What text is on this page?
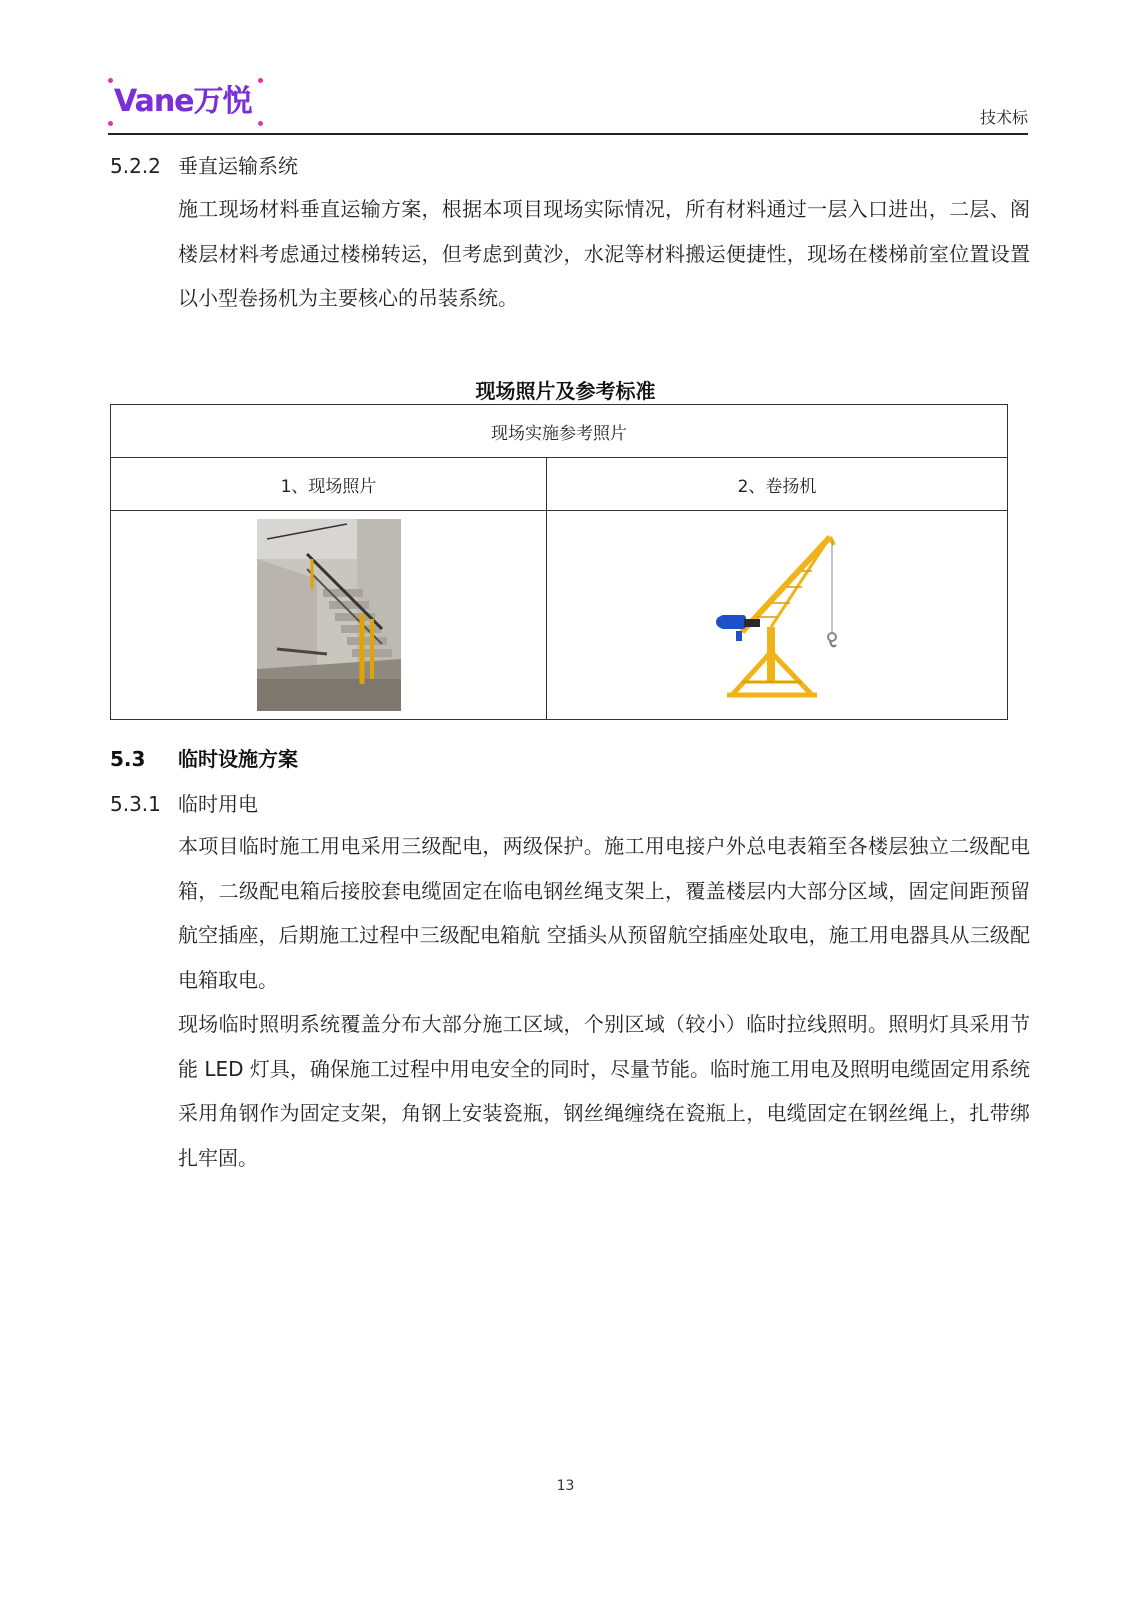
Vane万悦	技术标
5.2.2 垂直运输系统

施工现场材料垂直运输方案，根据本项目现场实际情况，所有材料通过一层入口进出，二层、阁楼层材料考虑通过楼梯转运，但考虑到黄沙，水泥等材料搬运便捷性，现场在楼梯前室位置设置以小型卷扬机为主要核心的吊装系统。

现场照片及参考标准
现场实施参考照片	
1、现场照片	2、卷扬机

5.3 临时设施方案
5.3.1 临时用电

本项目临时施工用电采用三级配电，两级保护。施工用电接户外总电表箱至各楼层独立二级配电箱，二级配电箱后接胶套电缆固定在临电钢丝绳支架上，覆盖楼层内大部分区域，固定间距预留航空插座，后期施工过程中三级配电箱航 空插头从预留航空插座处取电，施工用电器具从三级配电箱取电。

现场临时照明系统覆盖分布大部分施工区域，个别区域（较小）临时拉线照明。照明灯具采用节能 LED 灯具，确保施工过程中用电安全的同时，尽量节能。临时施工用电及照明电缆固定用系统采用角钢作为固定支架，角钢上安装瓷瓶，钢丝绳缠绕在瓷瓶上，电缆固定在钢丝绳上，扎带绑扎牢固。

13
